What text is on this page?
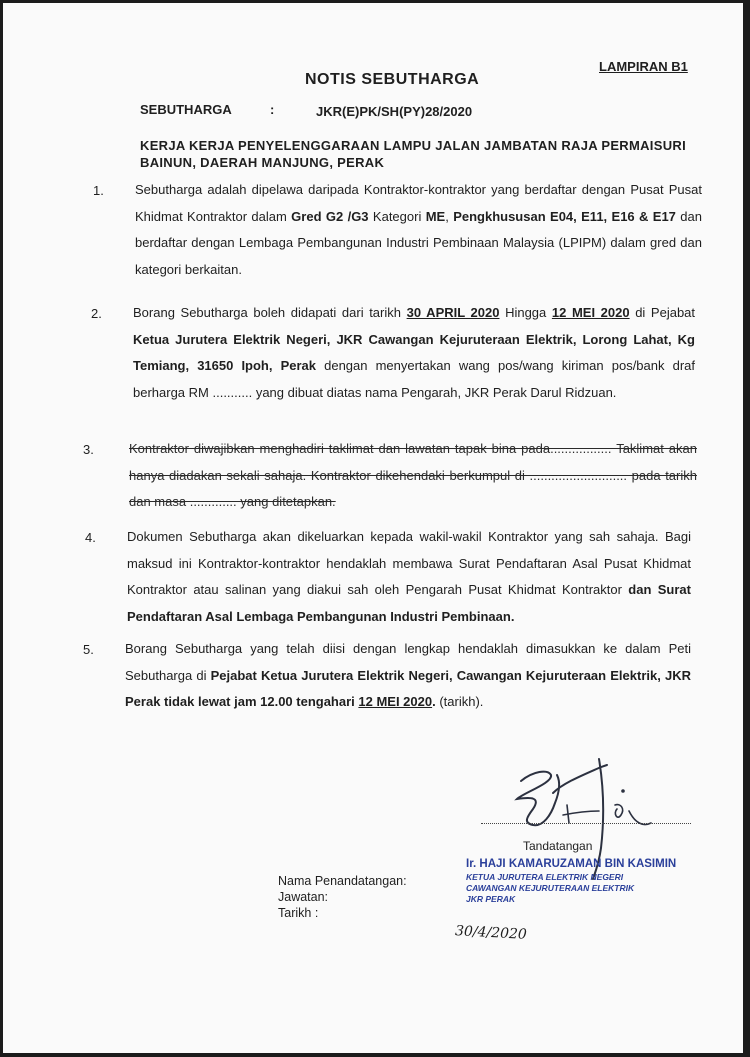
LAMPIRAN B1
NOTIS SEBUTHARGA
SEBUTHARGA	:	JKR(E)PK/SH(PY)28/2020
KERJA KERJA PENYELENGGARAAN LAMPU JALAN JAMBATAN RAJA PERMAISURI BAINUN, DAERAH MANJUNG, PERAK
1. Sebutharga adalah dipelawa daripada Kontraktor-kontraktor yang berdaftar dengan Pusat Pusat Khidmat Kontraktor dalam Gred G2 /G3 Kategori ME, Pengkhususan E04, E11, E16 & E17 dan berdaftar dengan Lembaga Pembangunan Industri Pembinaan Malaysia (LPIPM) dalam gred dan kategori berkaitan.
2. Borang Sebutharga boleh didapati dari tarikh 30 APRIL 2020 Hingga 12 MEI 2020 di Pejabat Ketua Jurutera Elektrik Negeri, JKR Cawangan Kejuruteraan Elektrik, Lorong Lahat, Kg Temiang, 31650 Ipoh, Perak dengan menyertakan wang pos/wang kiriman pos/bank draf berharga RM ........... yang dibuat diatas nama Pengarah, JKR Perak Darul Ridzuan.
3.	Kontraktor diwajibkan menghadiri taklimat dan lawatan tapak bina pada................. Taklimat akan hanya diadakan sekali sahaja. Kontraktor dikehendaki berkumpul di ........................... pada tarikh dan masa ............. yang ditetapkan.
4. Dokumen Sebutharga akan dikeluarkan kepada wakil-wakil Kontraktor yang sah sahaja. Bagi maksud ini Kontraktor-kontraktor hendaklah membawa Surat Pendaftaran Asal Pusat Khidmat Kontraktor atau salinan yang diakui sah oleh Pengarah Pusat Khidmat Kontraktor dan Surat Pendaftaran Asal Lembaga Pembangunan Industri Pembinaan.
5. Borang Sebutharga yang telah diisi dengan lengkap hendaklah dimasukkan ke dalam Peti Sebutharga di Pejabat Ketua Jurutera Elektrik Negeri, Cawangan Kejuruteraan Elektrik, JKR Perak tidak lewat jam 12.00 tengahari 12 MEI 2020. (tarikh).
Tandatangan
Ir. HAJI KAMARUZAMAN BIN KASIMIN
KETUA JURUTERA ELEKTRIK NEGERI
CAWANGAN KEJURUTERAAN ELEKTRIK
JKR PERAK
Nama Penandatangan:
Jawatan:
Tarikh :
30/4/2020
